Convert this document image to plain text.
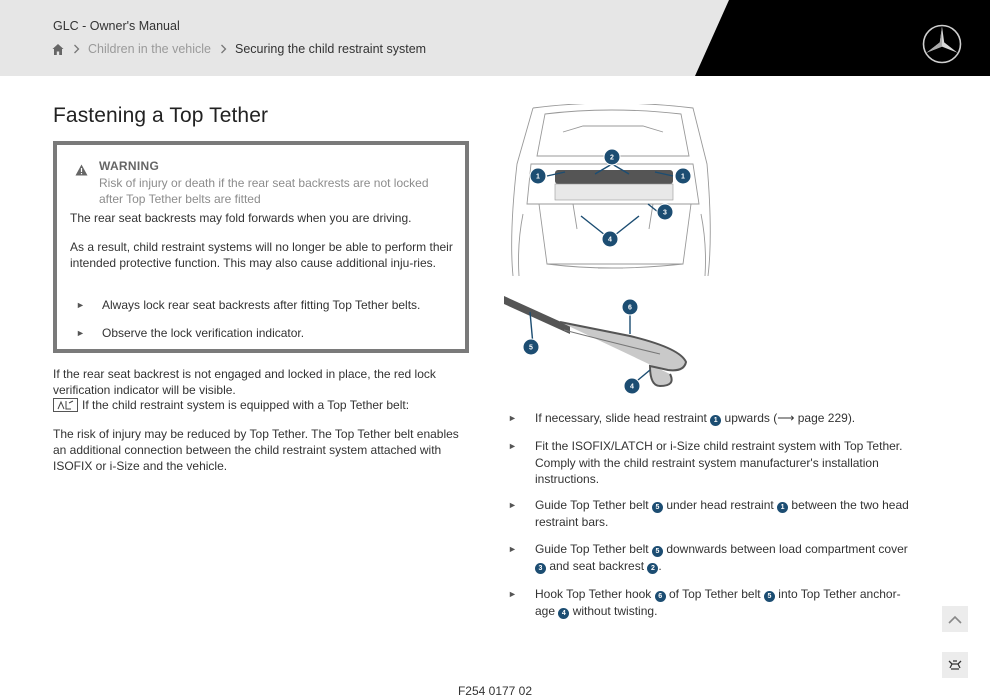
GLC - Owner's Manual
Children in the vehicle Securing the child restraint system
Fastening a Top Tether
WARNING
Risk of injury or death if the rear seat backrests are not locked after Top Tether belts are fitted
The rear seat backrests may fold forwards when you are driving.
As a result, child restraint systems will no longer be able to perform their intended protective function. This may also cause additional inju-ries.
►	Always lock rear seat backrests after fitting Top Tether belts.
►	Observe the lock verification indicator.
If the rear seat backrest is not engaged and locked in place, the red lock verification indicator will be visible.
If the child restraint system is equipped with a Top Tether belt:
The risk of injury may be reduced by Top Tether. The Top Tether belt enables an additional connection between the child restraint system attached with ISOFIX or i-Size and the vehicle.
1	1
2
3
4
5
6
4
►	If necessary, slide head restraint 1 upwards (⟶ page 229).
►	Fit the ISOFIX/LATCH or i-Size child restraint system with Top Tether. Comply with the child restraint system manufacturer's installation instructions.
►	Guide Top Tether belt 5 under head restraint 1 between the two head restraint bars.
►	Guide Top Tether belt 5 downwards between load compartment cover 3 and seat backrest 2 .
►	Hook Top Tether hook 6 of Top Tether belt 5 into Top Tether anchor-age 4 without twisting.
F254 0177 02
